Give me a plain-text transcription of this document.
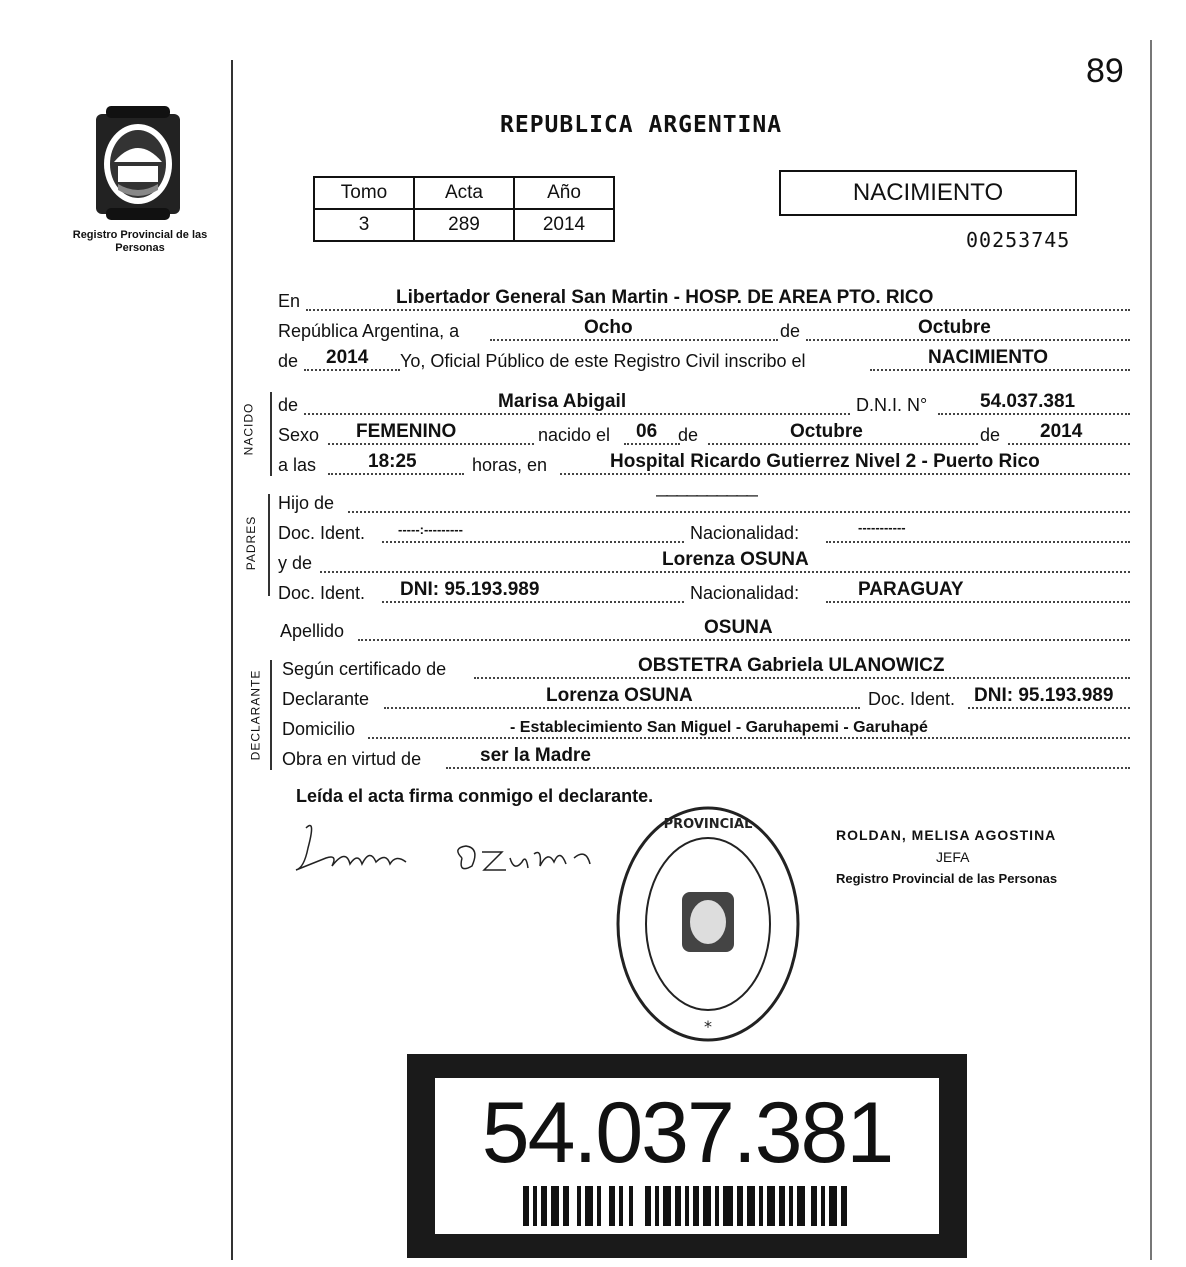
89
Registro Provincial de las Personas
REPUBLICA ARGENTINA
Tomo	Acta	Año
3	289	2014
NACIMIENTO
00253745
En	Libertador General San Martin - HOSP. DE AREA PTO. RICO
República Argentina, a	Ocho	de	Octubre
de 2014 Yo, Oficial Público de este Registro Civil inscribo el	NACIMIENTO
NACIDO de	Marisa Abigail	D.N.I. N°	54.037.381
Sexo FEMENINO	nacido el 06 de	Octubre	de 2014
a las	18:25	horas, en	Hospital Ricardo Gutierrez Nivel 2 - Puerto Rico
PADRES
Hijo de	——————————
Doc. Ident.	-----:---------	Nacionalidad:	-----------
y de	Lorenza OSUNA
Doc. Ident. DNI: 95.193.989	Nacionalidad:	PARAGUAY
Apellido	OSUNA
DECLARANTE
Según certificado de	OBSTETRA Gabriela ULANOWICZ
Declarante	Lorenza OSUNA	Doc. Ident. DNI: 95.193.989
Domicilio	- Establecimiento San Miguel - Garuhapemi - Garuhapé
Obra en virtud de	ser la Madre
Leída el acta firma conmigo el declarante.
PROVINCIAL
*
ROLDAN, MELISA AGOSTINA
JEFA
Registro Provincial de las Personas
54.037.381
